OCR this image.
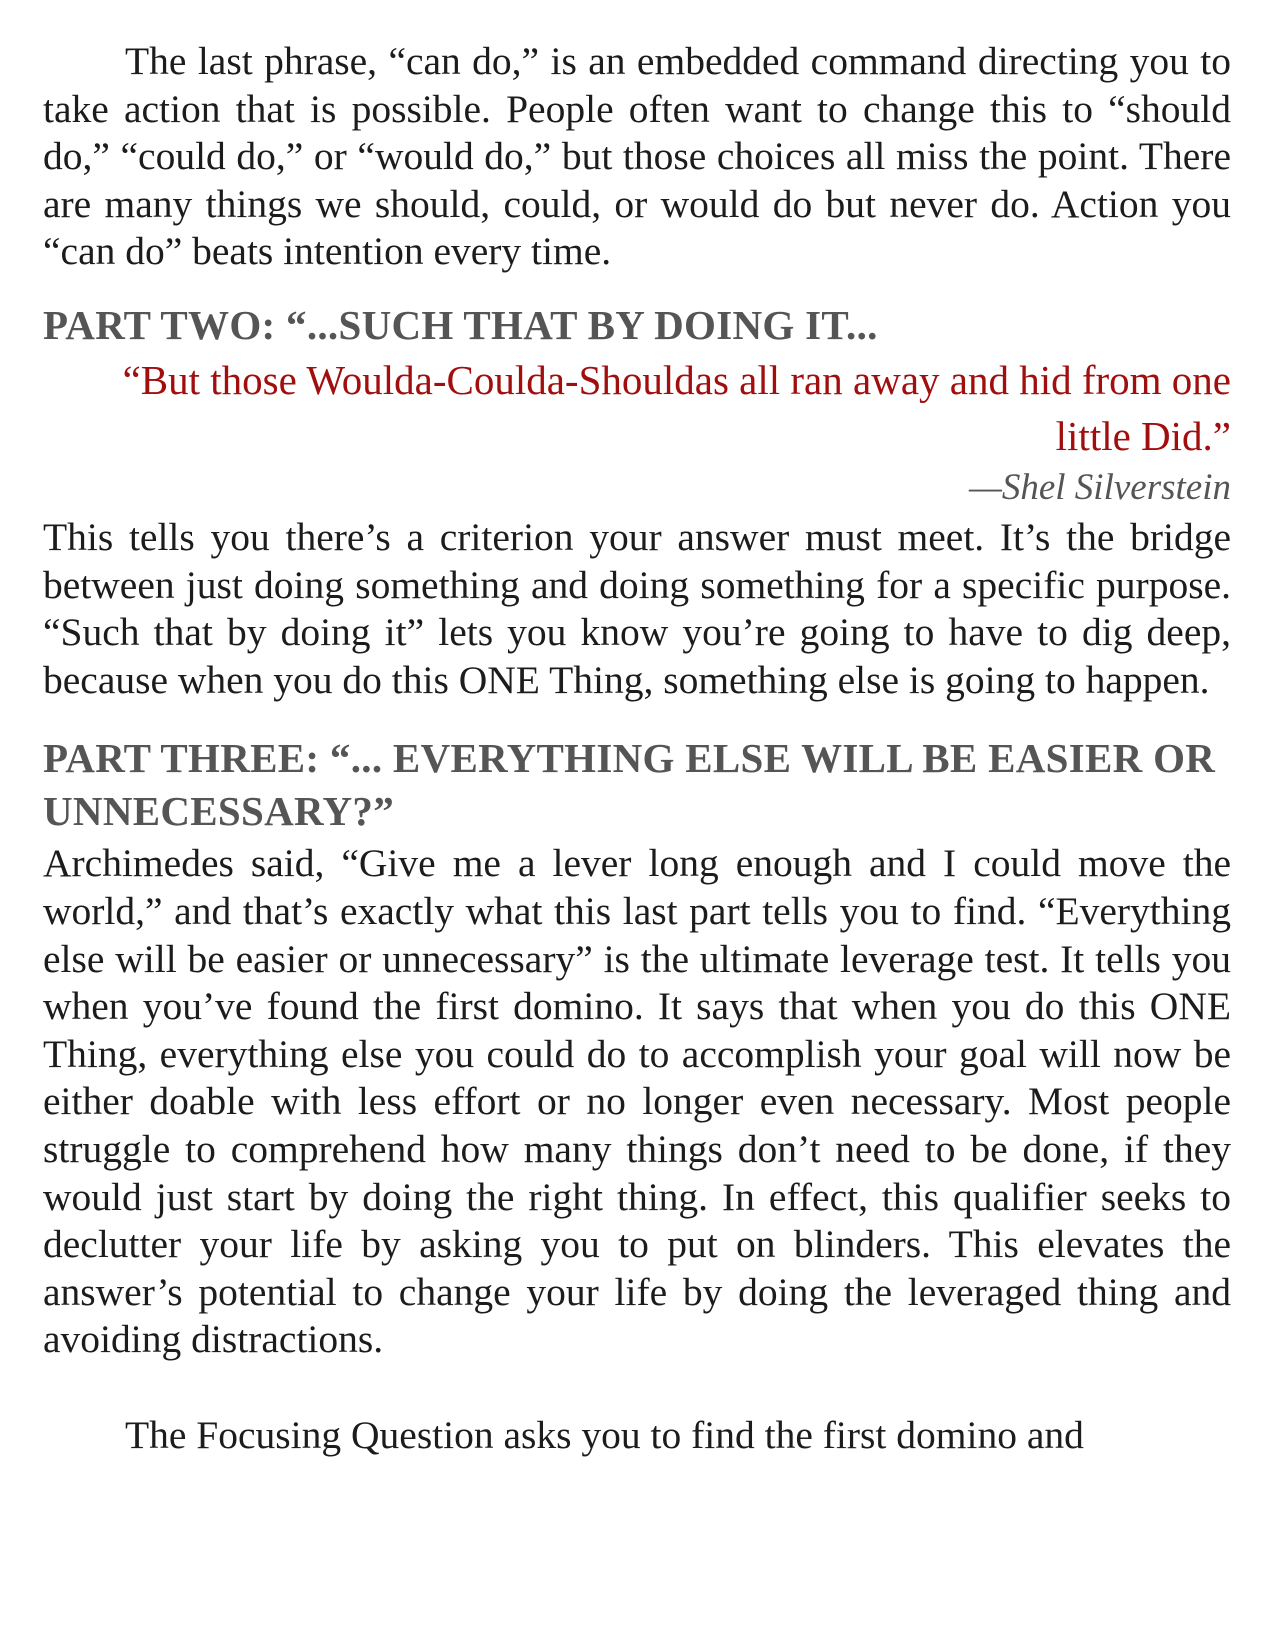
The last phrase, “can do,” is an embedded command directing you to take action that is possible. People often want to change this to “should do,” “could do,” or “would do,” but those choices all miss the point. There are many things we should, could, or would do but never do. Action you “can do” beats intention every time.

PART TWO: “...SUCH THAT BY DOING IT...

“But those Woulda-Coulda-Shouldas all ran away and hid from one little Did.”

—Shel Silverstein

This tells you there’s a criterion your answer must meet. It’s the bridge between just doing something and doing something for a specific purpose. “Such that by doing it” lets you know you’re going to have to dig deep, because when you do this ONE Thing, something else is going to happen.

PART THREE: “... EVERYTHING ELSE WILL BE EASIER OR UNNECESSARY?”

Archimedes said, “Give me a lever long enough and I could move the world,” and that’s exactly what this last part tells you to find. “Everything else will be easier or unnecessary” is the ultimate leverage test. It tells you when you’ve found the first domino. It says that when you do this ONE Thing, everything else you could do to accomplish your goal will now be either doable with less effort or no longer even necessary. Most people struggle to comprehend how many things don’t need to be done, if they would just start by doing the right thing. In effect, this qualifier seeks to declutter your life by asking you to put on blinders. This elevates the answer’s potential to change your life by doing the leveraged thing and avoiding distractions.

The Focusing Question asks you to find the first domino and
